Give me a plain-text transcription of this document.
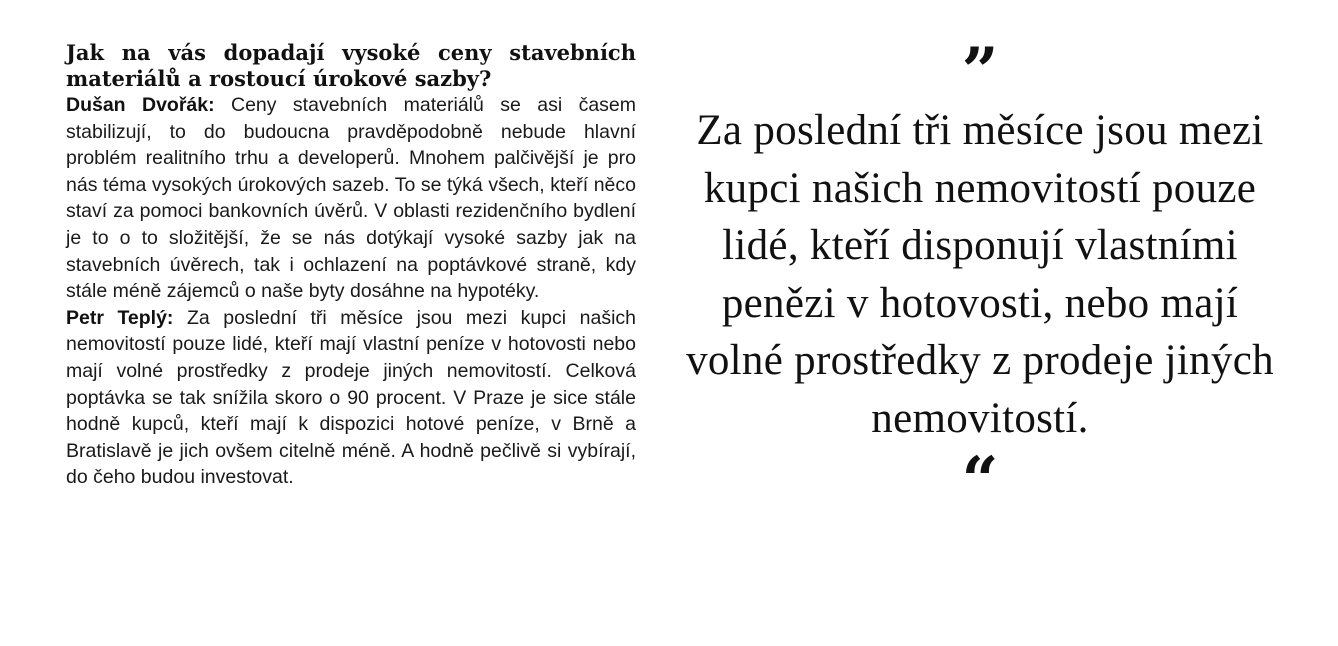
Jak na vás dopadají vysoké ceny stavebních materiálů a rostoucí úrokové sazby?

Dušan Dvořák: Ceny stavebních materiálů se asi časem stabilizují, to do budoucna pravděpodobně nebude hlavní problém realitního trhu a developerů. Mnohem palčivější je pro nás téma vysokých úrokových sazeb. To se týká všech, kteří něco staví za pomoci bankovních úvěrů. V oblasti rezidenčního bydlení je to o to složitější, že se nás dotýkají vysoké sazby jak na stavebních úvěrech, tak i ochlazení na poptávkové straně, kdy stále méně zájemců o naše byty dosáhne na hypotéky.

Petr Teplý: Za poslední tři měsíce jsou mezi kupci našich nemovitostí pouze lidé, kteří mají vlastní peníze v hotovosti nebo mají volné prostředky z prodeje jiných nemovitostí. Celková poptávka se tak snížila skoro o 90 procent. V Praze je sice stále hodně kupců, kteří mají k dispozici hotové peníze, v Brně a Bratislavě je jich ovšem citelně méně. A hodně pečlivě si vybírají, do čeho budou investovat.

”

Za poslední tři měsíce jsou mezi kupci našich nemovitostí pouze lidé, kteří disponují vlastními penězi v hotovosti, nebo mají volné prostředky z prodeje jiných nemovitostí.

“
